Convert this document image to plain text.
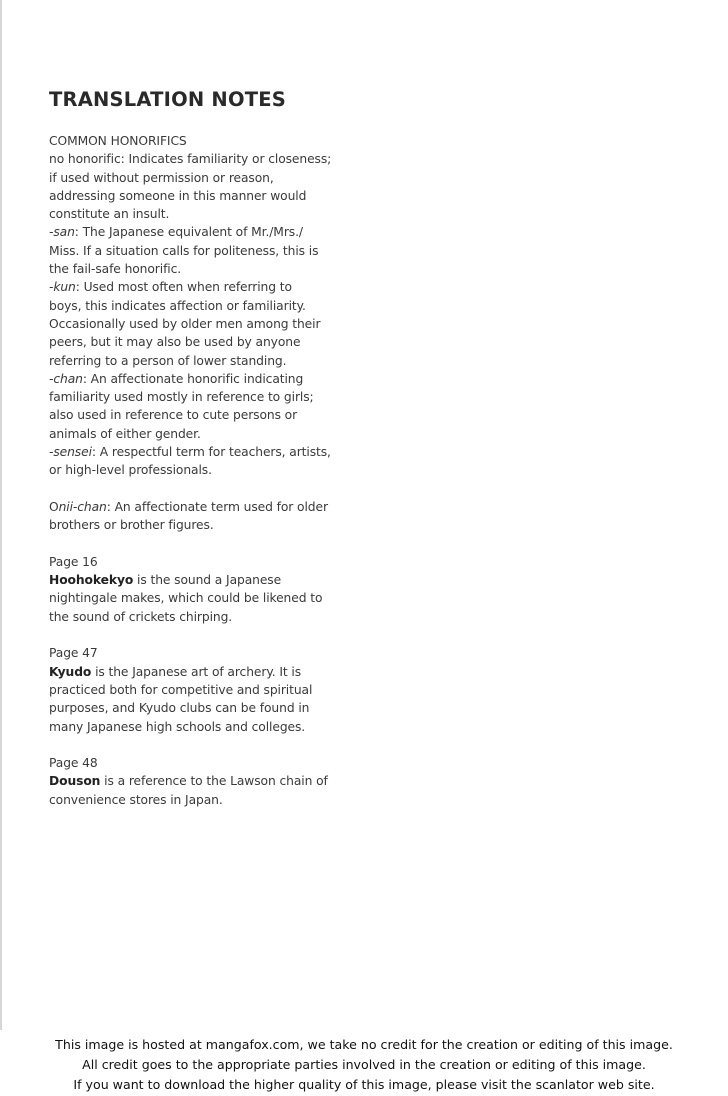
TRANSLATION NOTES
COMMON HONORIFICS
no honorific: Indicates familiarity or closeness;
if used without permission or reason,
addressing someone in this manner would
constitute an insult.
-san: The Japanese equivalent of Mr./Mrs./
Miss. If a situation calls for politeness, this is
the fail-safe honorific.
-kun: Used most often when referring to
boys, this indicates affection or familiarity.
Occasionally used by older men among their
peers, but it may also be used by anyone
referring to a person of lower standing.
-chan: An affectionate honorific indicating
familiarity used mostly in reference to girls;
also used in reference to cute persons or
animals of either gender.
-sensei: A respectful term for teachers, artists,
or high-level professionals.
Onii-chan: An affectionate term used for older
brothers or brother figures.
Page 16
Hoohokekyo is the sound a Japanese
nightingale makes, which could be likened to
the sound of crickets chirping.
Page 47
Kyudo is the Japanese art of archery. It is
practiced both for competitive and spiritual
purposes, and Kyudo clubs can be found in
many Japanese high schools and colleges.
Page 48
Douson is a reference to the Lawson chain of
convenience stores in Japan.
This image is hosted at mangafox.com, we take no credit for the creation or editing of this image.
All credit goes to the appropriate parties involved in the creation or editing of this image.
If you want to download the higher quality of this image, please visit the scanlator web site.
